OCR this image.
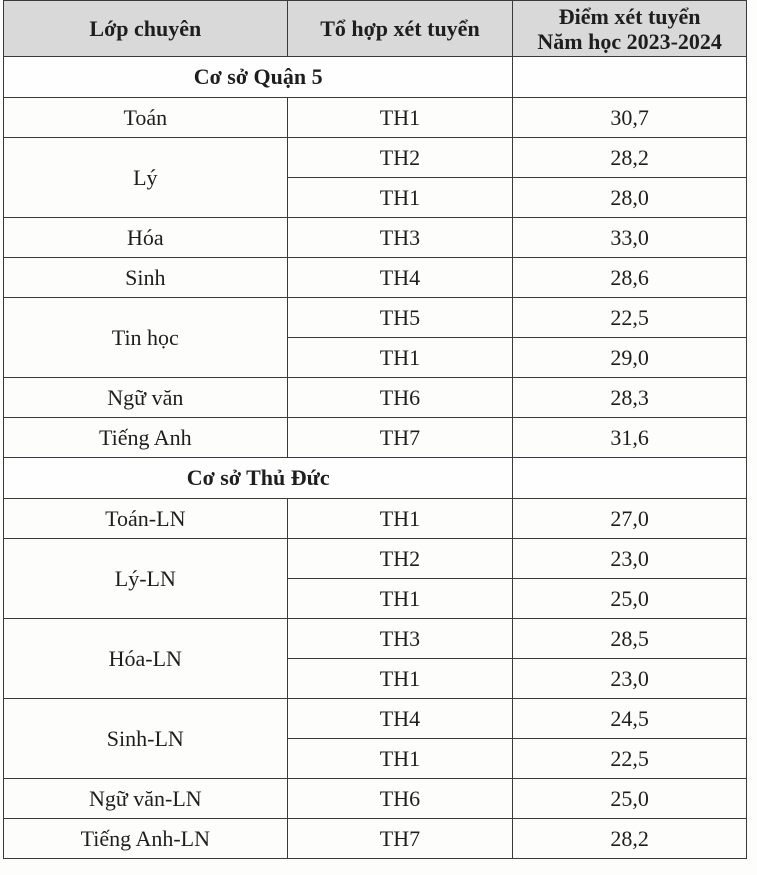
Lớp chuyên	Tổ hợp xét tuyển	Điểm xét tuyển
Năm học 2023-2024

Cơ sở Quận 5		
Toán	TH1	30,7
Lý	TH2	28,2
	TH1	28,0
Hóa	TH3	33,0
Sinh	TH4	28,6
Tin học	TH5	22,5
	TH1	29,0
Ngữ văn	TH6	28,3
Tiếng Anh	TH7	31,6
Cơ sở Thủ Đức		
Toán-LN	TH1	27,0
Lý-LN	TH2	23,0
	TH1	25,0
Hóa-LN	TH3	28,5
	TH1	23,0
Sinh-LN	TH4	24,5
	TH1	22,5
Ngữ văn-LN	TH6	25,0
Tiếng Anh-LN	TH7	28,2
